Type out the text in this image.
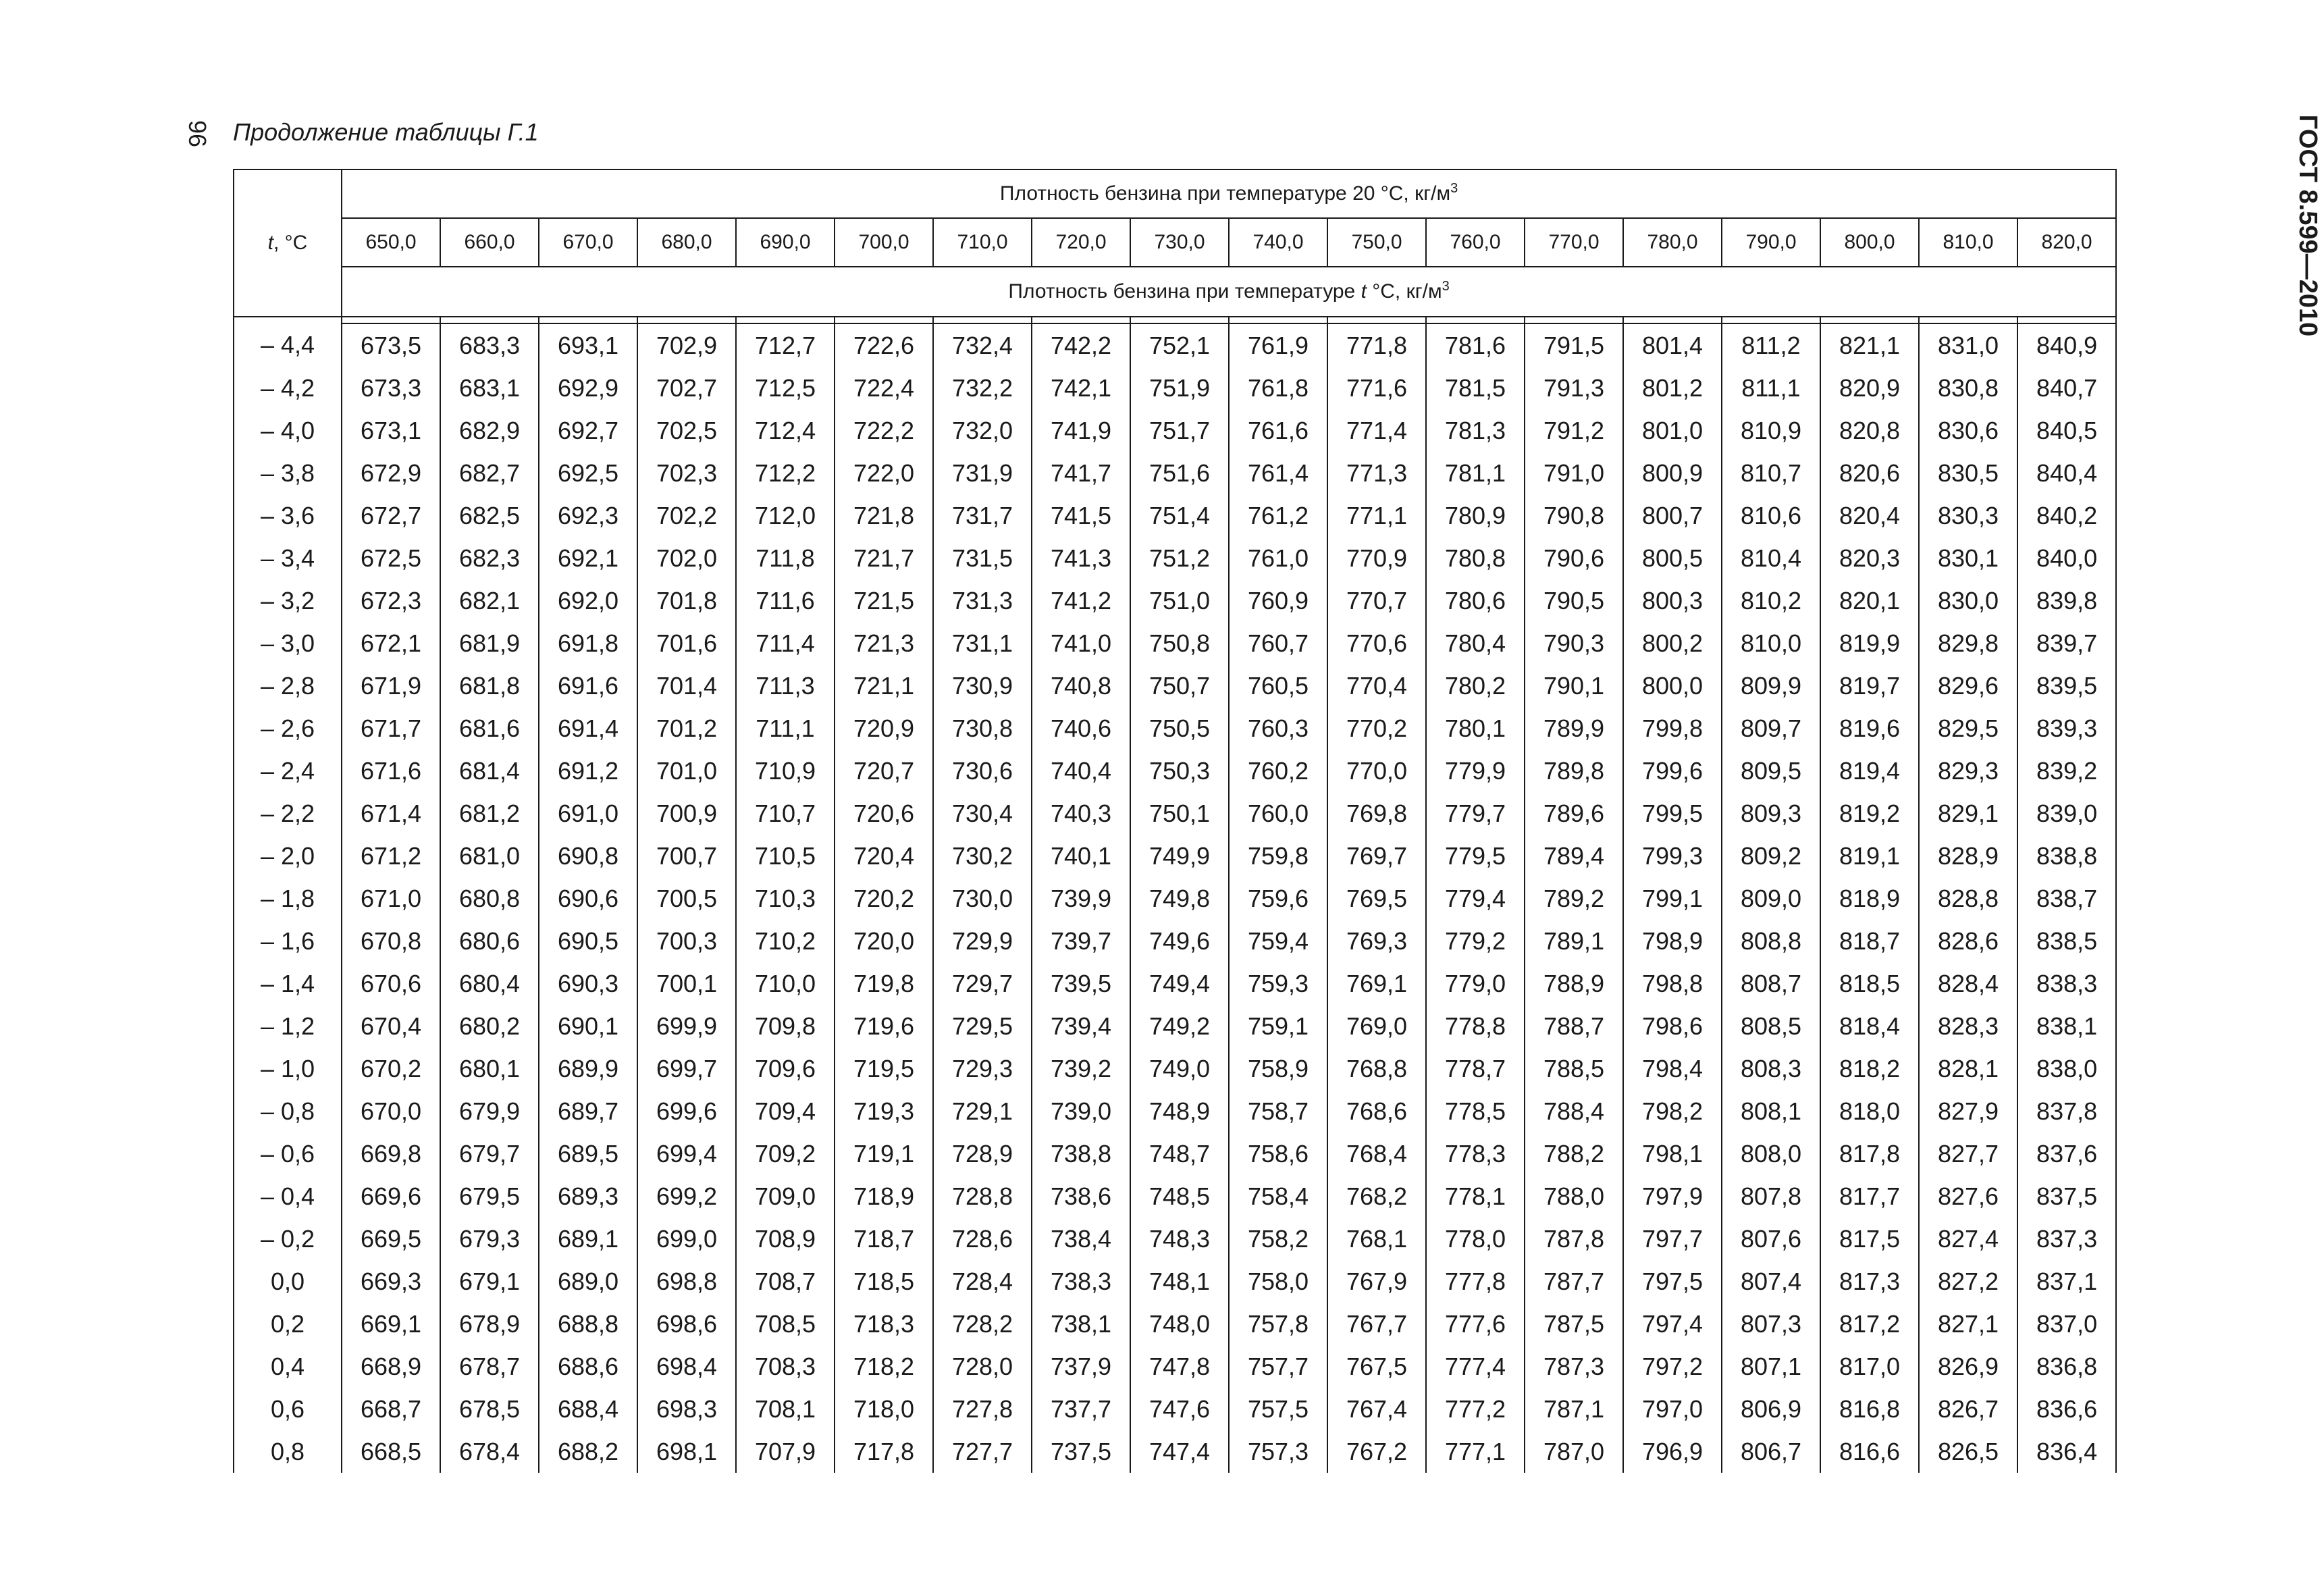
96 Продолжение таблицы Г.1	ГОСТ 8.599—2010
t, °C	Плотность бензина при температуре 20 °С, $кг/м^3$
	650,0	660,0	670,0	680,0	690,0	700,0	710,0	720,0	730,0	740,0	750,0	760,0	770,0	780,0	790,0	800,0	810,0	820,0
	Плотность бензина при температуре t °С, $кг/м^3$

– 4,4	673,5	683,3	693,1	702,9	712,7	722,6	732,4	742,2	752,1	761,9	771,8	781,6	791,5	801,4	811,2	821,1	831,0	840,9
– 4,2	673,3	683,1	692,9	702,7	712,5	722,4	732,2	742,1	751,9	761,8	771,6	781,5	791,3	801,2	811,1	820,9	830,8	840,7
– 4,0	673,1	682,9	692,7	702,5	712,4	722,2	732,0	741,9	751,7	761,6	771,4	781,3	791,2	801,0	810,9	820,8	830,6	840,5
– 3,8	672,9	682,7	692,5	702,3	712,2	722,0	731,9	741,7	751,6	761,4	771,3	781,1	791,0	800,9	810,7	820,6	830,5	840,4
– 3,6	672,7	682,5	692,3	702,2	712,0	721,8	731,7	741,5	751,4	761,2	771,1	780,9	790,8	800,7	810,6	820,4	830,3	840,2
– 3,4	672,5	682,3	692,1	702,0	711,8	721,7	731,5	741,3	751,2	761,0	770,9	780,8	790,6	800,5	810,4	820,3	830,1	840,0
– 3,2	672,3	682,1	692,0	701,8	711,6	721,5	731,3	741,2	751,0	760,9	770,7	780,6	790,5	800,3	810,2	820,1	830,0	839,8
– 3,0	672,1	681,9	691,8	701,6	711,4	721,3	731,1	741,0	750,8	760,7	770,6	780,4	790,3	800,2	810,0	819,9	829,8	839,7
– 2,8	671,9	681,8	691,6	701,4	711,3	721,1	730,9	740,8	750,7	760,5	770,4	780,2	790,1	800,0	809,9	819,7	829,6	839,5
– 2,6	671,7	681,6	691,4	701,2	711,1	720,9	730,8	740,6	750,5	760,3	770,2	780,1	789,9	799,8	809,7	819,6	829,5	839,3
– 2,4	671,6	681,4	691,2	701,0	710,9	720,7	730,6	740,4	750,3	760,2	770,0	779,9	789,8	799,6	809,5	819,4	829,3	839,2
– 2,2	671,4	681,2	691,0	700,9	710,7	720,6	730,4	740,3	750,1	760,0	769,8	779,7	789,6	799,5	809,3	819,2	829,1	839,0
– 2,0	671,2	681,0	690,8	700,7	710,5	720,4	730,2	740,1	749,9	759,8	769,7	779,5	789,4	799,3	809,2	819,1	828,9	838,8
– 1,8	671,0	680,8	690,6	700,5	710,3	720,2	730,0	739,9	749,8	759,6	769,5	779,4	789,2	799,1	809,0	818,9	828,8	838,7
– 1,6	670,8	680,6	690,5	700,3	710,2	720,0	729,9	739,7	749,6	759,4	769,3	779,2	789,1	798,9	808,8	818,7	828,6	838,5
– 1,4	670,6	680,4	690,3	700,1	710,0	719,8	729,7	739,5	749,4	759,3	769,1	779,0	788,9	798,8	808,7	818,5	828,4	838,3
– 1,2	670,4	680,2	690,1	699,9	709,8	719,6	729,5	739,4	749,2	759,1	769,0	778,8	788,7	798,6	808,5	818,4	828,3	838,1
– 1,0	670,2	680,1	689,9	699,7	709,6	719,5	729,3	739,2	749,0	758,9	768,8	778,7	788,5	798,4	808,3	818,2	828,1	838,0
– 0,8	670,0	679,9	689,7	699,6	709,4	719,3	729,1	739,0	748,9	758,7	768,6	778,5	788,4	798,2	808,1	818,0	827,9	837,8
– 0,6	669,8	679,7	689,5	699,4	709,2	719,1	728,9	738,8	748,7	758,6	768,4	778,3	788,2	798,1	808,0	817,8	827,7	837,6
– 0,4	669,6	679,5	689,3	699,2	709,0	718,9	728,8	738,6	748,5	758,4	768,2	778,1	788,0	797,9	807,8	817,7	827,6	837,5
– 0,2	669,5	679,3	689,1	699,0	708,9	718,7	728,6	738,4	748,3	758,2	768,1	778,0	787,8	797,7	807,6	817,5	827,4	837,3
0,0	669,3	679,1	689,0	698,8	708,7	718,5	728,4	738,3	748,1	758,0	767,9	777,8	787,7	797,5	807,4	817,3	827,2	837,1
0,2	669,1	678,9	688,8	698,6	708,5	718,3	728,2	738,1	748,0	757,8	767,7	777,6	787,5	797,4	807,3	817,2	827,1	837,0
0,4	668,9	678,7	688,6	698,4	708,3	718,2	728,0	737,9	747,8	757,7	767,5	777,4	787,3	797,2	807,1	817,0	826,9	836,8
0,6	668,7	678,5	688,4	698,3	708,1	718,0	727,8	737,7	747,6	757,5	767,4	777,2	787,1	797,0	806,9	816,8	826,7	836,6
0,8	668,5	678,4	688,2	698,1	707,9	717,8	727,7	737,5	747,4	757,3	767,2	777,1	787,0	796,9	806,7	816,6	826,5	836,4
